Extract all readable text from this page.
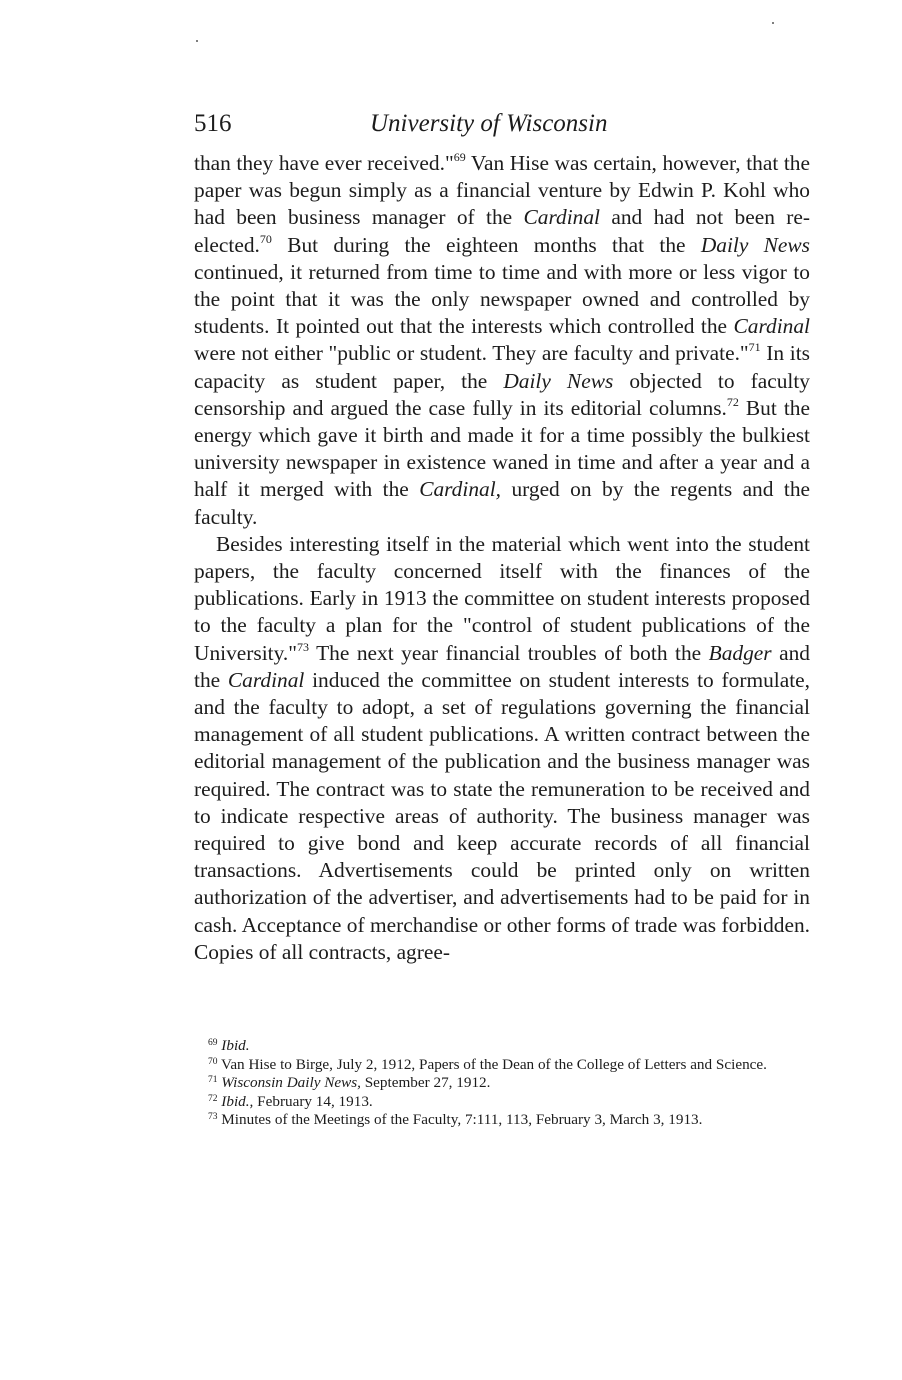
516	University of Wisconsin

than they have ever received."$^{69}$ Van Hise was certain, however, that the paper was begun simply as a financial venture by Edwin P. Kohl who had been business manager of the Cardinal and had not been re-elected.$^{70}$ But during the eighteen months that the Daily News continued, it returned from time to time and with more or less vigor to the point that it was the only newspaper owned and controlled by students. It pointed out that the interests which controlled the Cardinal were not either "public or student. They are faculty and private."$^{71}$ In its capacity as student paper, the Daily News objected to faculty censorship and argued the case fully in its editorial columns.$^{72}$ But the energy which gave it birth and made it for a time possibly the bulkiest university newspaper in existence waned in time and after a year and a half it merged with the Cardinal, urged on by the regents and the faculty.

Besides interesting itself in the material which went into the student papers, the faculty concerned itself with the finances of the publications. Early in 1913 the committee on student interests proposed to the faculty a plan for the "control of student publications of the University."$^{73}$ The next year financial troubles of both the Badger and the Cardinal induced the committee on student interests to formulate, and the faculty to adopt, a set of regulations governing the financial management of all student publications. A written contract between the editorial management of the publication and the business manager was required. The contract was to state the remuneration to be received and to indicate respective areas of authority. The business manager was required to give bond and keep accurate records of all financial transactions. Advertisements could be printed only on written authorization of the advertiser, and advertisements had to be paid for in cash. Acceptance of merchandise or other forms of trade was forbidden. Copies of all contracts, agree-

$^{69}$ Ibid.

$^{70}$ Van Hise to Birge, July 2, 1912, Papers of the Dean of the College of Letters and Science.

$^{71}$ Wisconsin Daily News, September 27, 1912.

$^{72}$ Ibid., February 14, 1913.

$^{73}$ Minutes of the Meetings of the Faculty, 7:111, 113, February 3, March 3, 1913.
